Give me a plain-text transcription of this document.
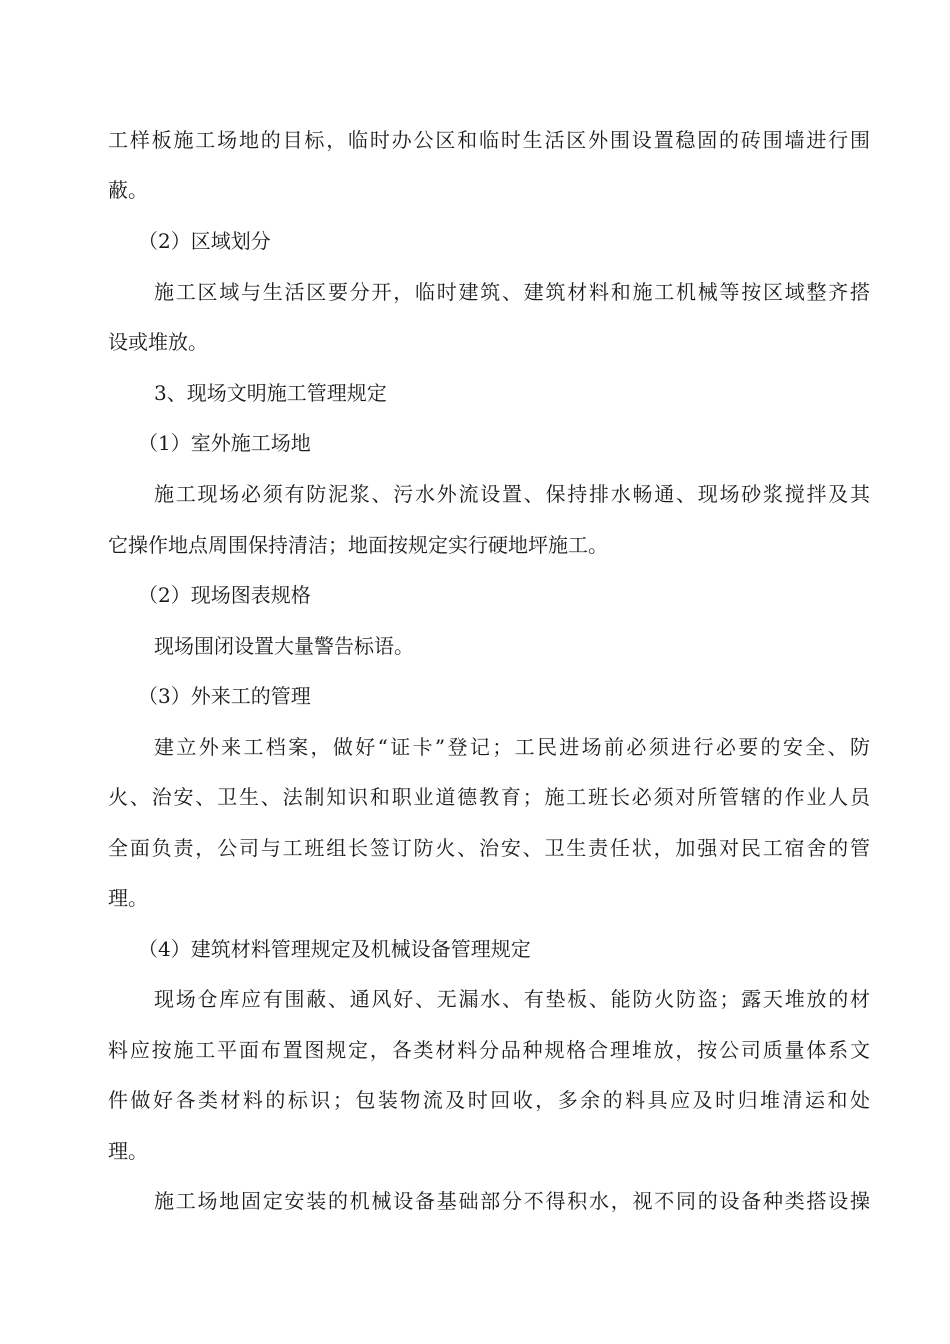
工样板施工场地的目标，临时办公区和临时生活区外围设置稳固的砖围墙进行围
蔽。
（2）区域划分
施工区域与生活区要分开，临时建筑、建筑材料和施工机械等按区域整齐搭
设或堆放。
3、现场文明施工管理规定
（1）室外施工场地
施工现场必须有防泥浆、污水外流设置、保持排水畅通、现场砂浆搅拌及其
它操作地点周围保持清洁；地面按规定实行硬地坪施工。
（2）现场图表规格
现场围闭设置大量警告标语。
（3）外来工的管理
建立外来工档案，做好“证卡”登记；工民进场前必须进行必要的安全、防
火、治安、卫生、法制知识和职业道德教育；施工班长必须对所管辖的作业人员
全面负责，公司与工班组长签订防火、治安、卫生责任状，加强对民工宿舍的管
理。
（4）建筑材料管理规定及机械设备管理规定
现场仓库应有围蔽、通风好、无漏水、有垫板、能防火防盗；露天堆放的材
料应按施工平面布置图规定，各类材料分品种规格合理堆放，按公司质量体系文
件做好各类材料的标识；包装物流及时回收，多余的料具应及时归堆清运和处
理。
施工场地固定安装的机械设备基础部分不得积水，视不同的设备种类搭设操
